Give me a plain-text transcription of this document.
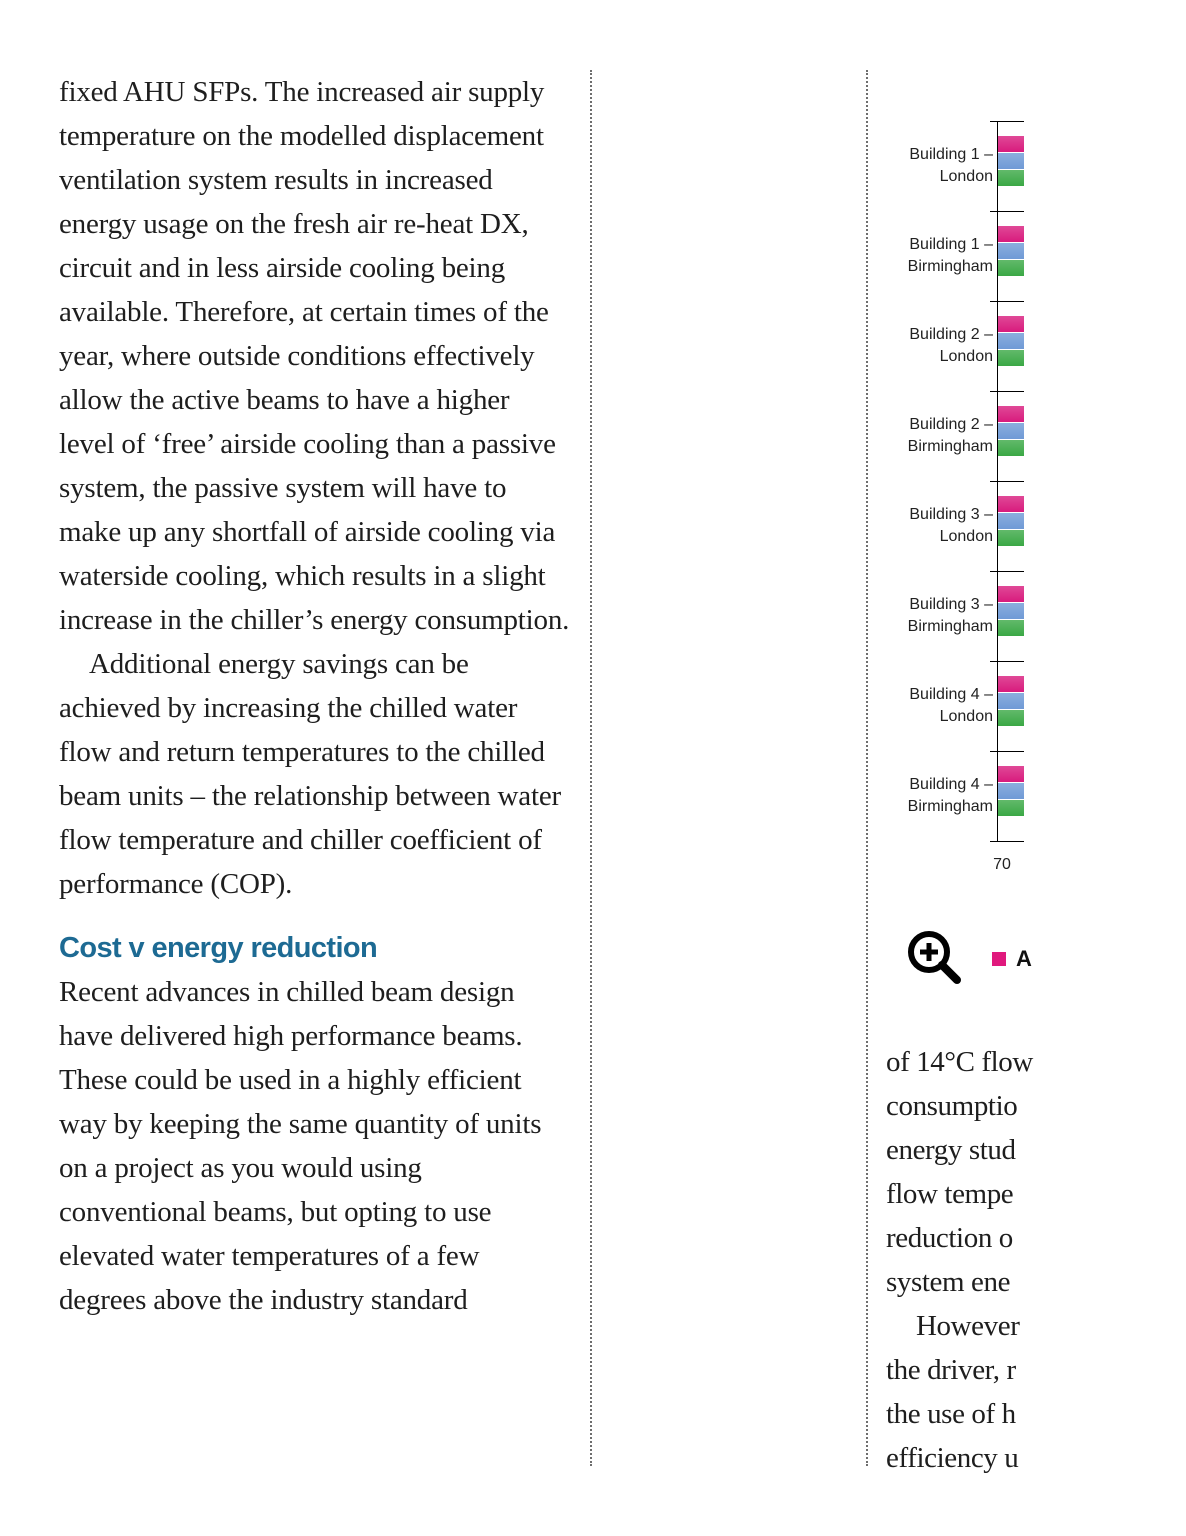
fixed AHU SFPs. The increased air supply temperature on the modelled displacement ventilation system results in increased energy usage on the fresh air re-heat DX, circuit and in less airside cooling being available. Therefore, at certain times of the year, where outside conditions effectively allow the active beams to have a higher level of ‘free’ airside cooling than a passive system, the passive system will have to make up any shortfall of airside cooling via waterside cooling, which results in a slight increase in the chiller’s energy consumption.

Additional energy savings can be achieved by increasing the chilled water flow and return temperatures to the chilled beam units – the relationship between water flow temperature and chiller coefficient of performance (COP).

Cost v energy reduction

Recent advances in chilled beam design have delivered high performance beams. These could be used in a highly efficient way by keeping the same quantity of units on a project as you would using conventional beams, but opting to use elevated water temperatures of a few degrees above the industry standard

70
Building 1 –
London
Building 1 –
Birmingham
Building 2 –
London
Building 2 –
Birmingham
Building 3 –
London
Building 3 –
Birmingham
Building 4 –
London
Building 4 –
Birmingham
A

of 14°C flow

consumptio

energy stud

flow tempe

reduction o

system ene

However

the driver, r

the use of h

efficiency u
